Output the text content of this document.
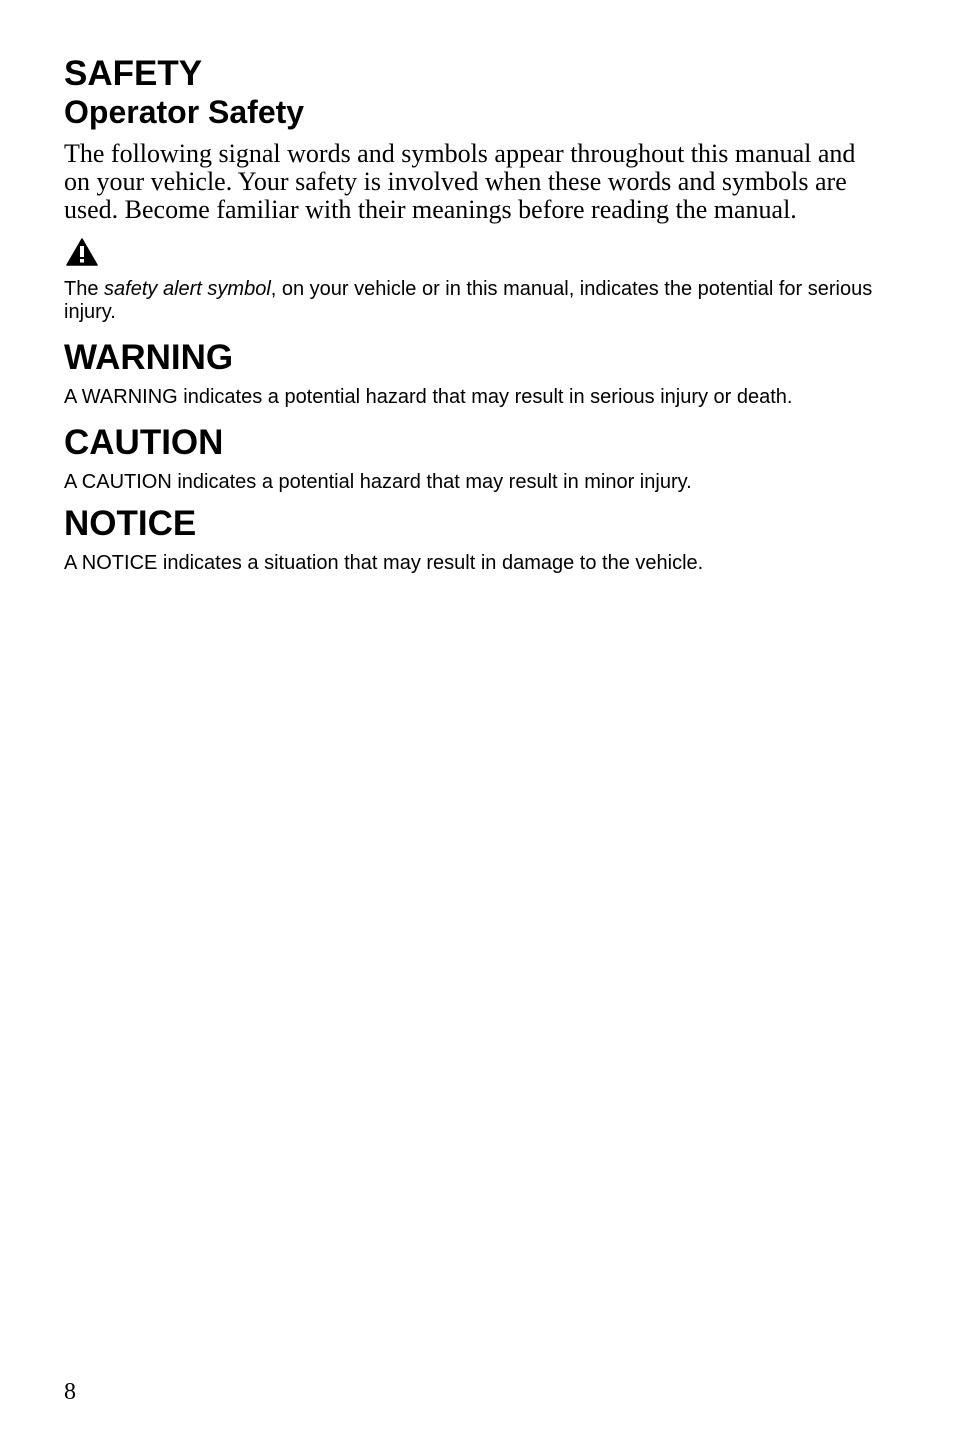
SAFETY
Operator Safety

The following signal words and symbols appear throughout this manual and on your vehicle. Your safety is involved when these words and symbols are used. Become familiar with their meanings before reading the manual.

The safety alert symbol, on your vehicle or in this manual, indicates the potential for serious injury.

WARNING

A WARNING indicates a potential hazard that may result in serious injury or death.

CAUTION

A CAUTION indicates a potential hazard that may result in minor injury.

NOTICE

A NOTICE indicates a situation that may result in damage to the vehicle.

8
